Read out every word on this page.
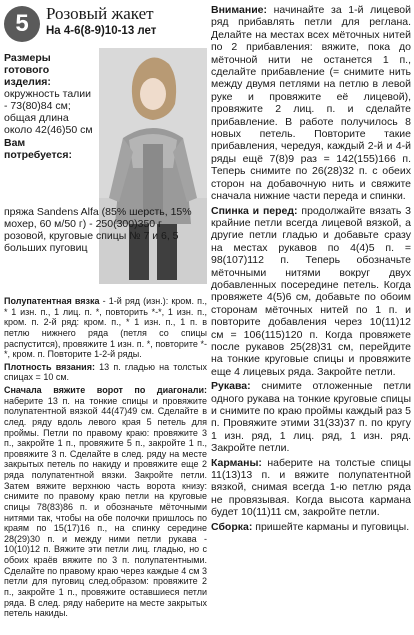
5	Розовый жакет
На 4-6(8-9)10-13 лет
Размеры готового изделия:
окружность талии - 73(80)84 см; общая длина около 42(46)50 см
Вам потребуется:
пряжа Sandens Alfa (85% шерсть, 15% мохер, 60 м/50 г) - 250(300)350 г розовой, круговые спицы № 7 и 6, 5 больших пуговиц
Полупатентная вязка - 1-й ряд (изн.): кром. п., * 1 изн. п., 1 лиц. п. *, повторить *-*, 1 изн. п., кром. п. 2-й ряд: кром. п., * 1 изн. п., 1 п. в петлю нижнего ряда (петля со спицы распустится), провяжите 1 изн. п. *, повторите *-*, кром. п. Повторите 1-2-й ряды.
Плотность вязания: 13 п. гладью на толстых спицах = 10 см.
Сначала вяжите ворот по диагонали: наберите 13 п. на тонкие спицы и провяжите полупатентной вязкой 44(47)49 см. Сделайте в след. ряду вдоль левого края 5 петель для проймы. Петли по правому краю: провяжите 3 п., закройте 1 п., провяжите 5 п., закройте 1 п., провяжите 3 п. Сделайте в след. ряду на месте закрытых петель по накиду и провяжите еще 2 ряда полупатентной вязки. Закройте петли. Затем вяжите верхнюю часть ворота книзу: снимите по правому краю петли на круговые спицы 78(83)86 п. и обозначьте мёточными нитями так, чтобы на обе полочки пришлось по краям по 15(17)16 п., на спинку середине 28(29)30 п. и между ними петли рукава - 10(10)12 п. Вяжите эти петли лиц. гладью, но с обоих краёв вяжите по 3 п. полупатентными. Сделайте по правому краю через каждые 4 см 3 петли для пуговиц след.образом: провяжите 2 п., закройте 1 п., провяжите оставшиеся петли ряда. В след. ряду наберите на месте закрытых петель накиды.
Внимание: начинайте за 1-й лицевой ряд прибавлять петли для реглана. Делайте на местах всех мёточных нитей по 2 прибавления: вяжите, пока до мёточной нити не останется 1 п., сделайте прибавление (= снимите нить между двумя петлями на петлю в левой руке и провяжите её лицевой), провяжите 2 лиц. п. и сделайте прибавление. В работе получилось 8 новых петель. Повторите такие прибавления, чередуя, каждый 2-й и 4-й ряды ещё 7(8)9 раз = 142(155)166 п. Теперь снимите по 26(28)32 п. с обеих сторон на добавочную нить и свяжите сначала нижние части переда и спинки.
Спинка и перед: продолжайте вязать 3 крайние петли всегда лицевой вязкой, а другие петли гладью и добавьте сразу на местах рукавов по 4(4)5 п. = 98(107)112 п. Теперь обозначьте мёточными нитями вокруг двух добавленных посередине петель. Когда провяжете 4(5)6 см, добавьте по обоим сторонам мёточных нитей по 1 п. и повторите добавления через 10(11)12 см = 106(115)120 п. Когда провяжете после рукавов 25(28)31 см, перейдите на тонкие круговые спицы и провяжите еще 4 лицевых ряда. Закройте петли.
Рукава: снимите отложенные петли одного рукава на тонкие круговые спицы и снимите по краю проймы каждый раз 5 п. Провяжите этими 31(33)37 п. по кругу 1 изн. ряд, 1 лиц. ряд, 1 изн. ряд. Закройте петли.
Карманы: наберите на толстые спицы 11(13)13 п. и вяжите полупатентной вязкой, снимая всегда 1-ю петлю ряда не провязывая. Когда высота кармана будет 10(11)11 см, закройте петли.
Сборка: пришейте карманы и пуговицы.
